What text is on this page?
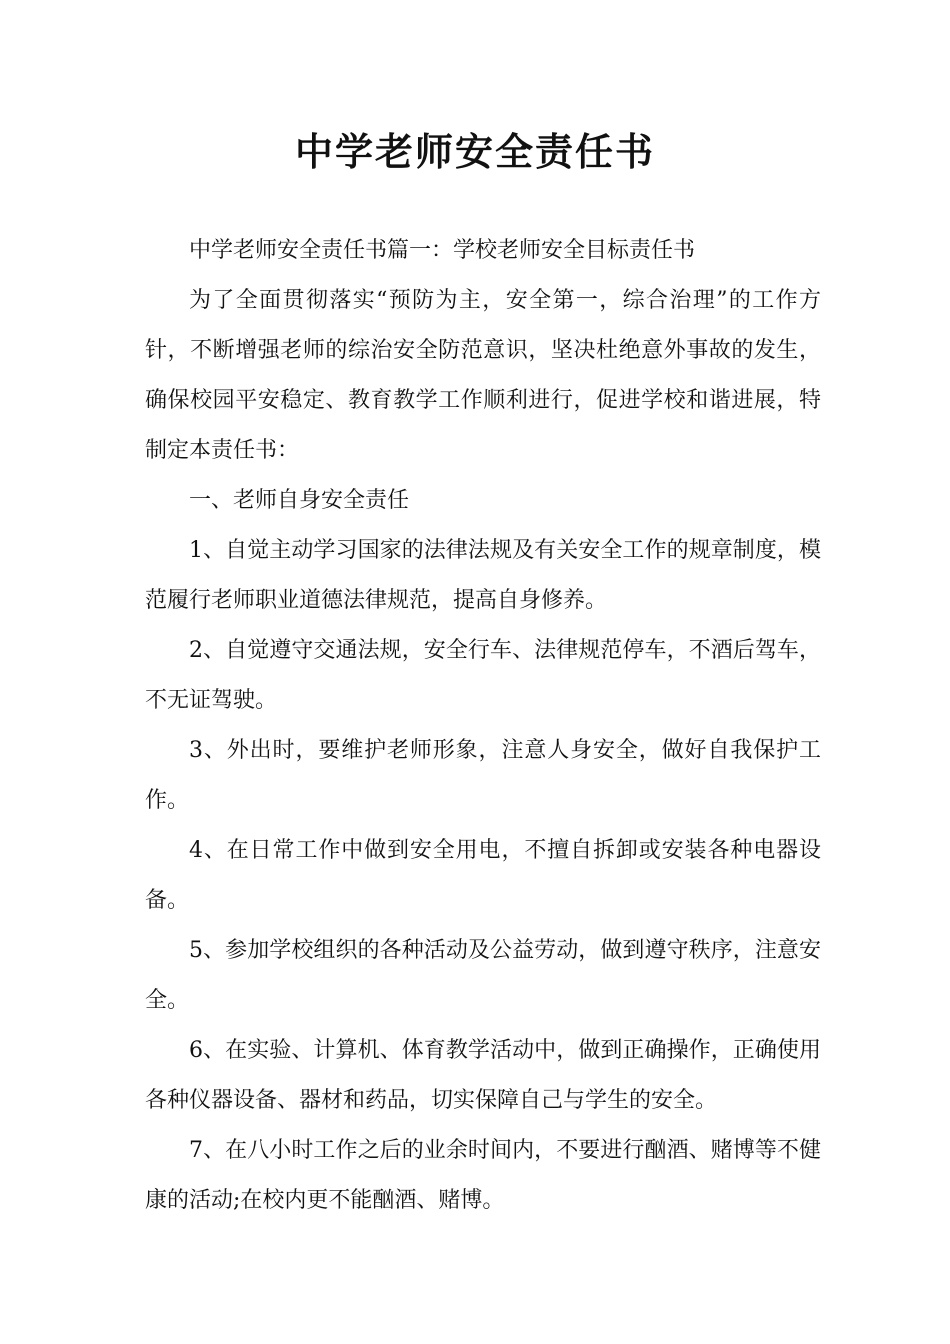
中学老师安全责任书

中学老师安全责任书篇一：学校老师安全目标责任书

为了全面贯彻落实“预防为主，安全第一，综合治理”的工作方针，不断增强老师的综治安全防范意识，坚决杜绝意外事故的发生，确保校园平安稳定、教育教学工作顺利进行，促进学校和谐进展，特制定本责任书：

一、老师自身安全责任

1、自觉主动学习国家的法律法规及有关安全工作的规章制度，模范履行老师职业道德法律规范，提高自身修养。

2、自觉遵守交通法规，安全行车、法律规范停车，不酒后驾车，不无证驾驶。

3、外出时，要维护老师形象，注意人身安全，做好自我保护工作。

4、在日常工作中做到安全用电，不擅自拆卸或安装各种电器设备。

5、参加学校组织的各种活动及公益劳动，做到遵守秩序，注意安全。

6、在实验、计算机、体育教学活动中，做到正确操作，正确使用各种仪器设备、器材和药品，切实保障自己与学生的安全。

7、在八小时工作之后的业余时间内，不要进行酗酒、赌博等不健康的活动;在校内更不能酗酒、赌博。
